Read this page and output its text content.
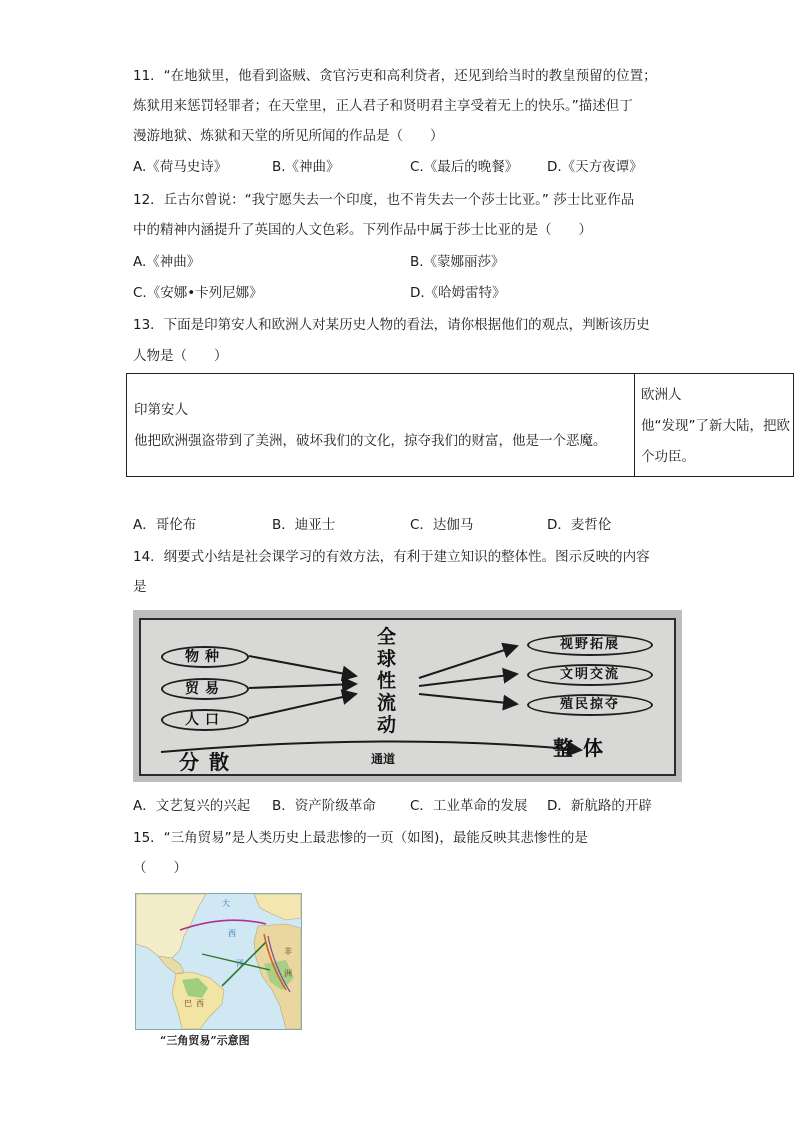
11．“在地狱里，他看到盗贼、贪官污吏和高利贷者，还见到给当时的教皇预留的位置；
炼狱用来惩罚轻罪者；在天堂里，正人君子和贤明君主享受着无上的快乐。”描述但丁
漫游地狱、炼狱和天堂的所见所闻的作品是（　　）
A.《荷马史诗》	B.《神曲》	C.《最后的晚餐》 D.《天方夜谭》
12．丘古尔曾说：“我宁愿失去一个印度，也不肯失去一个莎士比亚。” 莎士比亚作品
中的精神内涵提升了英国的人文色彩。下列作品中属于莎士比亚的是（　　）
A.《神曲》	B.《蒙娜丽莎》
C.《安娜•卡列尼娜》	D.《哈姆雷特》
13．下面是印第安人和欧洲人对某历史人物的看法，请你根据他们的观点，判断该历史
人物是（　　）
印第安人
他把欧洲强盗带到了美洲，破坏我们的文化，掠夺我们的财富，他是一个恶魔。
欧洲人
他“发现”了新大陆，把欧
个功臣。
A．哥伦布	B．迪亚士	C．达伽马	D．麦哲伦
14．纲要式小结是社会课学习的有效方法，有利于建立知识的整体性。图示反映的内容
是
物种
贸易
人口
全
球
性
流
动
视野拓展
文明交流
殖民掠夺
分散	通道	整体
A．文艺复兴的兴起 B．资产阶级革命	C．工业革命的发展 D．新航路的开辟
15．“三角贸易”是人类历史上最悲惨的一页（如图)，最能反映其悲惨性的是
（　　）
大
西
洋
非
洲
巴 西
“三角贸易”示意图
